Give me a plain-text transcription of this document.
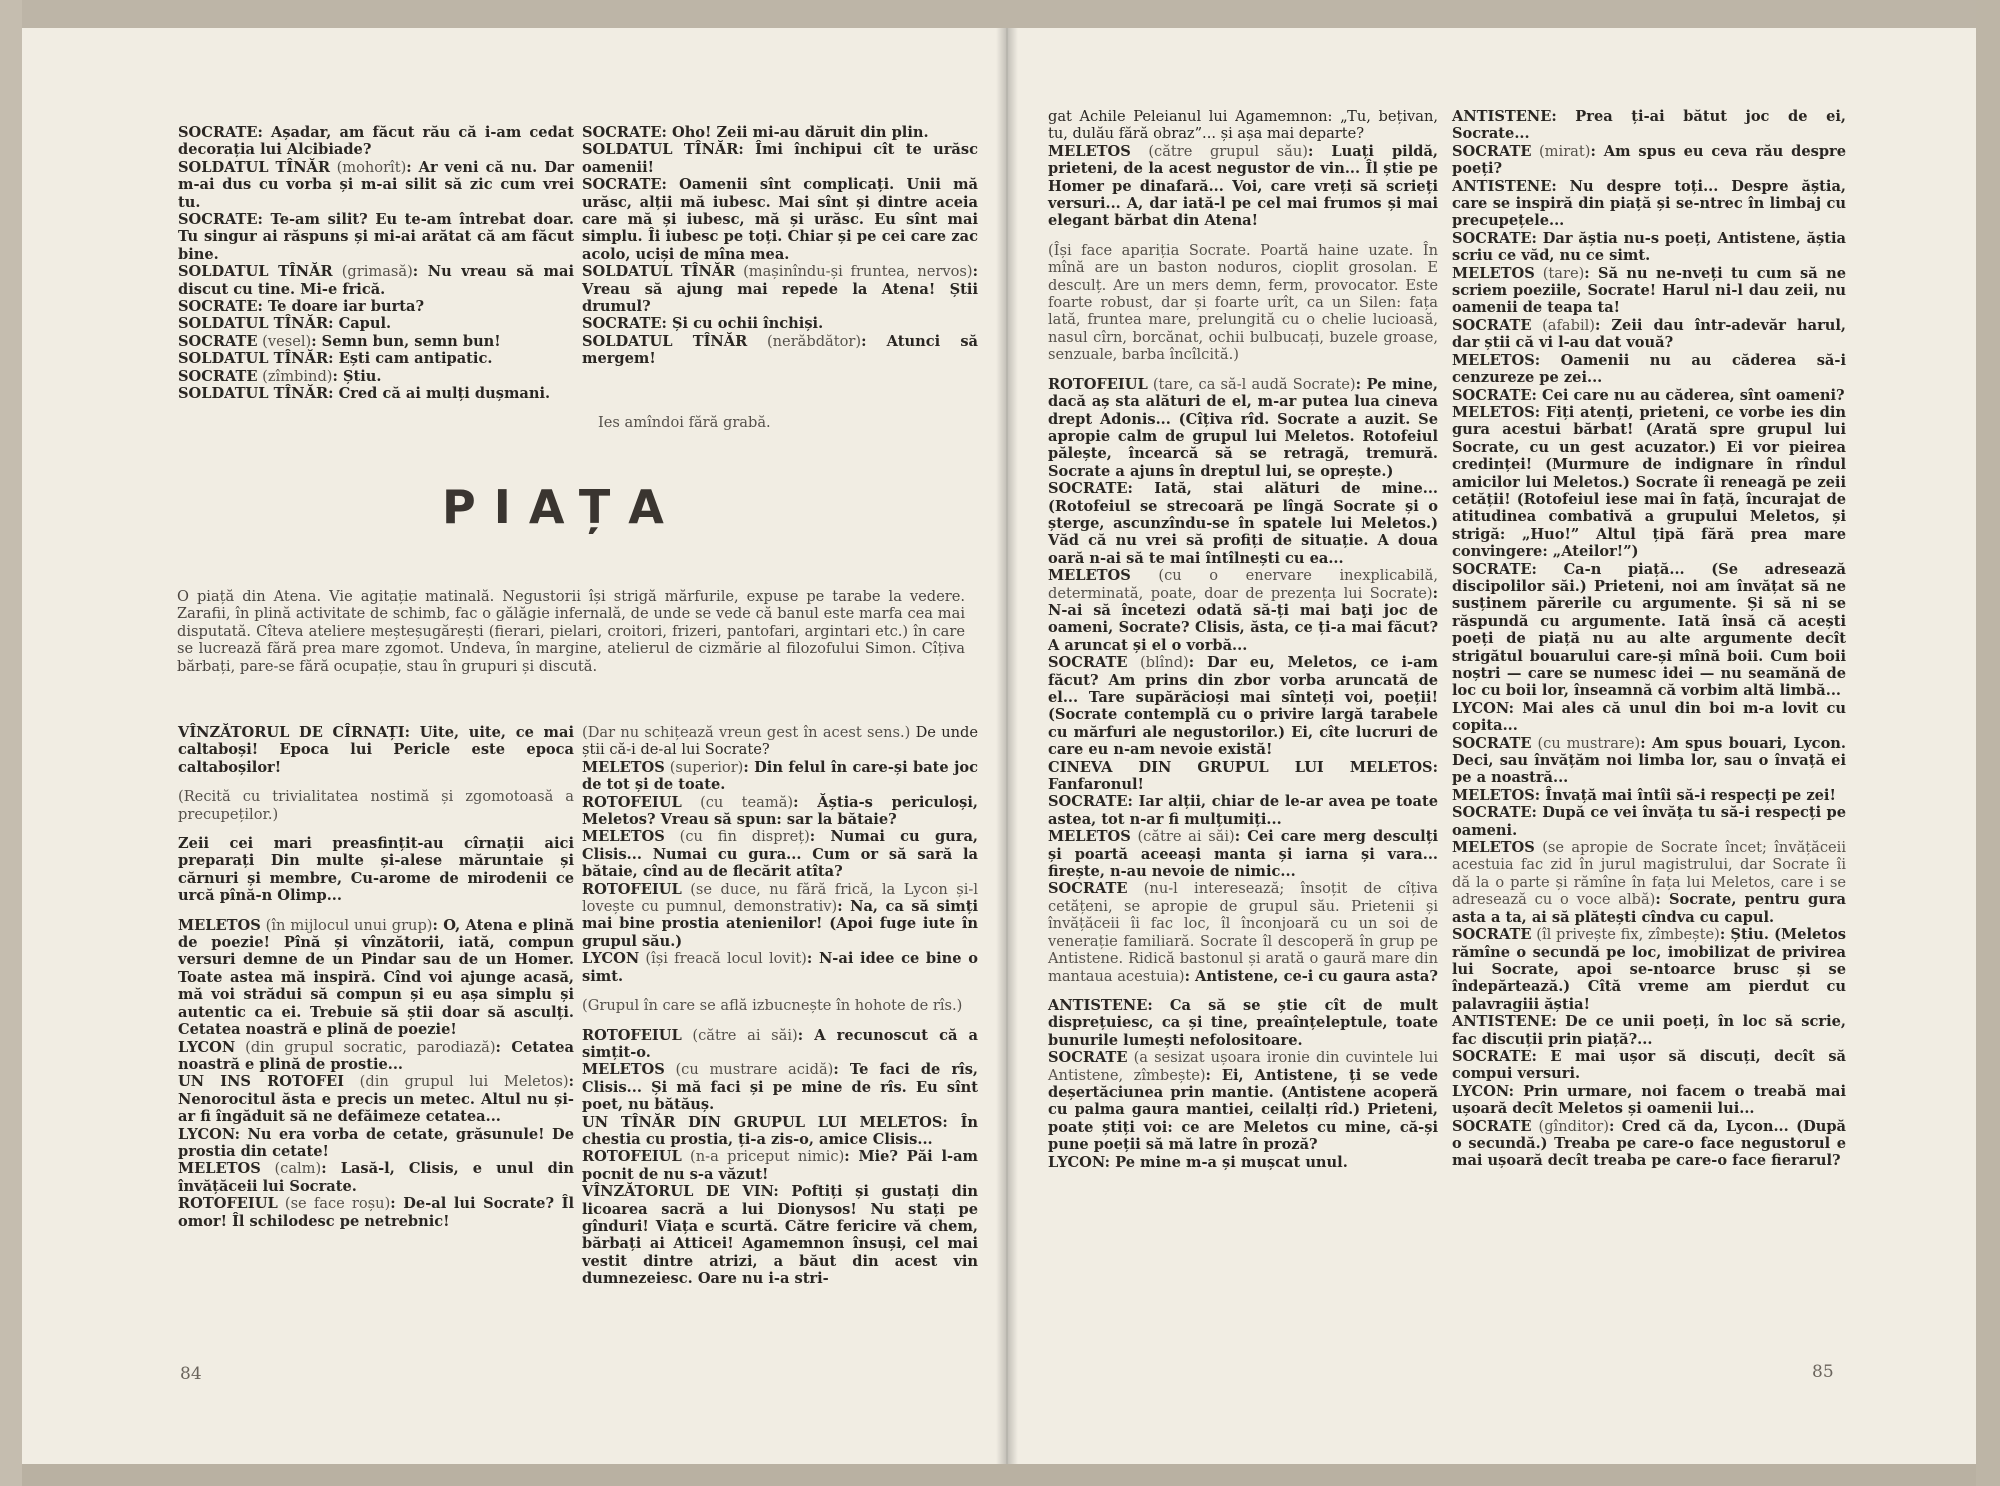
SOCRATE: Așadar, am făcut rău că i-am cedat decorația lui Alcibiade?

SOLDATUL TÎNĂR (mohorît): Ar veni că nu. Dar m-ai dus cu vorba și m-ai silit să zic cum vrei tu.

SOCRATE: Te-am silit? Eu te-am întrebat doar. Tu singur ai răspuns și mi-ai arătat că am făcut bine.

SOLDATUL TÎNĂR (grimasă): Nu vreau să mai discut cu tine. Mi-e frică.

SOCRATE: Te doare iar burta?

SOLDATUL TÎNĂR: Capul.

SOCRATE (vesel): Semn bun, semn bun!

SOLDATUL TÎNĂR: Ești cam antipatic.

SOCRATE (zîmbind): Știu.

SOLDATUL TÎNĂR: Cred că ai mulți dușmani.

SOCRATE: Oho! Zeii mi-au dăruit din plin.

SOLDATUL TÎNĂR: Îmi închipui cît te urăsc oamenii!

SOCRATE: Oamenii sînt complicați. Unii mă urăsc, alții mă iubesc. Mai sînt și dintre aceia care mă și iubesc, mă și urăsc. Eu sînt mai simplu. Îi iubesc pe toți. Chiar și pe cei care zac acolo, uciși de mîna mea.

SOLDATUL TÎNĂR (mașinîndu-și fruntea, nervos): Vreau să ajung mai repede la Atena! Știi drumul?

SOCRATE: Și cu ochii închiși.

SOLDATUL TÎNĂR (nerăbdător): Atunci să mergem!

Ies amîndoi fără grabă.

PIAȚA
O piață din Atena. Vie agitație matinală. Negustorii își strigă mărfurile, expuse pe tarabe la vedere. Zarafii, în plină activitate de schimb, fac o gălăgie infernală, de unde se vede că banul este marfa cea mai disputată. Cîteva ateliere meșteșugărești (fierari, pielari, croitori, frizeri, pantofari, argintari etc.) în care se lucrează fără prea mare zgomot. Undeva, în margine, atelierul de cizmărie al filozofului Simon. Cîțiva bărbați, pare-se fără ocupație, stau în grupuri și discută.

VÎNZĂTORUL DE CÎRNAȚI: Uite, uite, ce mai caltaboși! Epoca lui Pericle este epoca caltaboșilor!

(Recită cu trivialitatea nostimă și zgomotoasă a precupeților.)

Zeii cei mari preasfințit-au cîrnații aici preparați Din multe și-alese măruntaie și cărnuri și membre, Cu-arome de mirodenii ce urcă pînă-n Olimp...

MELETOS (în mijlocul unui grup): O, Atena e plină de poezie! Pînă și vînzătorii, iată, compun versuri demne de un Pindar sau de un Homer. Toate astea mă inspiră. Cînd voi ajunge acasă, mă voi strădui să compun și eu așa simplu și autentic ca ei. Trebuie să știi doar să asculți. Cetatea noastră e plină de poezie!

LYCON (din grupul socratic, parodiază): Cetatea noastră e plină de prostie...

UN INS ROTOFEI (din grupul lui Meletos): Nenorocitul ăsta e precis un metec. Altul nu și-ar fi îngăduit să ne defăimeze cetatea...

LYCON: Nu era vorba de cetate, grăsunule! De prostia din cetate!

MELETOS (calm): Lasă-l, Clisis, e unul din învățăceii lui Socrate.

ROTOFEIUL (se face roșu): De-al lui Socrate? Îl omor! Îl schilodesc pe netrebnic!

(Dar nu schițează vreun gest în acest sens.) De unde știi că-i de-al lui Socrate?

MELETOS (superior): Din felul în care-și bate joc de tot și de toate.

ROTOFEIUL (cu teamă): Ăștia-s periculoși, Meletos? Vreau să spun: sar la bătaie?

MELETOS (cu fin dispreț): Numai cu gura, Clisis... Numai cu gura... Cum or să sară la bătaie, cînd au de flecărit atîta?

ROTOFEIUL (se duce, nu fără frică, la Lycon și-l lovește cu pumnul, demonstrativ): Na, ca să simți mai bine prostia atenienilor! (Apoi fuge iute în grupul său.)

LYCON (își freacă locul lovit): N-ai idee ce bine o simt.

(Grupul în care se află izbucnește în hohote de rîs.)

ROTOFEIUL (către ai săi): A recunoscut că a simțit-o.

MELETOS (cu mustrare acidă): Te faci de rîs, Clisis... Și mă faci și pe mine de rîs. Eu sînt poet, nu bătăuș.

UN TÎNĂR DIN GRUPUL LUI MELETOS: În chestia cu prostia, ți-a zis-o, amice Clisis...

ROTOFEIUL (n-a priceput nimic): Mie? Păi l-am pocnit de nu s-a văzut!

VÎNZĂTORUL DE VIN: Poftiți și gustați din licoarea sacră a lui Dionysos! Nu stați pe gînduri! Viața e scurtă. Către fericire vă chem, bărbați ai Atticei! Agamemnon însuși, cel mai vestit dintre atrizi, a băut din acest vin dumnezeiesc. Oare nu i-a stri-

84

gat Achile Peleianul lui Agamemnon: „Tu, bețivan, tu, dulău fără obraz”... și așa mai departe?

MELETOS (către grupul său): Luați pildă, prieteni, de la acest negustor de vin... Îl știe pe Homer pe dinafară... Voi, care vreți să scrieți versuri... A, dar iată-l pe cel mai frumos și mai elegant bărbat din Atena!

(Își face apariția Socrate. Poartă haine uzate. În mînă are un baston noduros, cioplit grosolan. E desculț. Are un mers demn, ferm, provocator. Este foarte robust, dar și foarte urît, ca un Silen: fața lată, fruntea mare, prelungită cu o chelie lucioasă, nasul cîrn, borcănat, ochii bulbucați, buzele groase, senzuale, barba încîlcită.)

ROTOFEIUL (tare, ca să-l audă Socrate): Pe mine, dacă aș sta alături de el, m-ar putea lua cineva drept Adonis... (Cîțiva rîd. Socrate a auzit. Se apropie calm de grupul lui Meletos. Rotofeiul pălește, încearcă să se retragă, tremură. Socrate a ajuns în dreptul lui, se oprește.)

SOCRATE: Iată, stai alături de mine... (Rotofeiul se strecoară pe lîngă Socrate și o șterge, ascunzîndu-se în spatele lui Meletos.) Văd că nu vrei să profiți de situație. A doua oară n-ai să te mai întîlnești cu ea...

MELETOS (cu o enervare inexplicabilă, determinată, poate, doar de prezența lui Socrate): N-ai să încetezi odată să-ți mai baţi joc de oameni, Socrate? Clisis, ăsta, ce ți-a mai făcut? A aruncat și el o vorbă...

SOCRATE (blînd): Dar eu, Meletos, ce i-am făcut? Am prins din zbor vorba aruncată de el... Tare supărăcioși mai sînteți voi, poeții! (Socrate contemplă cu o privire largă tarabele cu mărfuri ale negustorilor.) Ei, cîte lucruri de care eu n-am nevoie există!

CINEVA DIN GRUPUL LUI MELETOS: Fanfaronul!

SOCRATE: Iar alții, chiar de le-ar avea pe toate astea, tot n-ar fi mulțumiți...

MELETOS (către ai săi): Cei care merg desculți și poartă aceeași manta și iarna și vara... firește, n-au nevoie de nimic...

SOCRATE (nu-l interesează; însoțit de cîțiva cetățeni, se apropie de grupul său. Prietenii și învățăceii îi fac loc, îl înconjoară cu un soi de venerație familiară. Socrate îl descoperă în grup pe Antistene. Ridică bastonul și arată o gaură mare din mantaua acestuia): Antistene, ce-i cu gaura asta?

ANTISTENE: Ca să se știe cît de mult disprețuiesc, ca și tine, preaînțeleptule, toate bunurile lumești nefolositoare.

SOCRATE (a sesizat ușoara ironie din cuvintele lui Antistene, zîmbește): Ei, Antistene, ți se vede deșertăciunea prin mantie. (Antistene acoperă cu palma gaura mantiei, ceilalți rîd.) Prieteni, poate știți voi: ce are Meletos cu mine, că-și pune poeții să mă latre în proză?

LYCON: Pe mine m-a și mușcat unul.

ANTISTENE: Prea ți-ai bătut joc de ei, Socrate...

SOCRATE (mirat): Am spus eu ceva rău despre poeți?

ANTISTENE: Nu despre toți... Despre ăștia, care se inspiră din piață și se-ntrec în limbaj cu precupețele...

SOCRATE: Dar ăștia nu-s poeți, Antistene, ăștia scriu ce văd, nu ce simt.

MELETOS (tare): Să nu ne-nveți tu cum să ne scriem poeziile, Socrate! Harul ni-l dau zeii, nu oamenii de teapa ta!

SOCRATE (afabil): Zeii dau într-adevăr harul, dar știi că vi l-au dat vouă?

MELETOS: Oamenii nu au căderea să-i cenzureze pe zei...

SOCRATE: Cei care nu au căderea, sînt oameni?

MELETOS: Fiți atenți, prieteni, ce vorbe ies din gura acestui bărbat! (Arată spre grupul lui Socrate, cu un gest acuzator.) Ei vor pieirea credinței! (Murmure de indignare în rîndul amicilor lui Meletos.) Socrate îi reneagă pe zeii cetății! (Rotofeiul iese mai în față, încurajat de atitudinea combativă a grupului Meletos, și strigă: „Huo!” Altul țipă fără prea mare convingere: „Ateilor!”)

SOCRATE: Ca-n piață... (Se adresează discipolilor săi.) Prieteni, noi am învățat să ne susținem părerile cu argumente. Și să ni se răspundă cu argumente. Iată însă că acești poeți de piață nu au alte argumente decît strigătul bouarului care-și mînă boii. Cum boii noștri — care se numesc idei — nu seamănă de loc cu boii lor, înseamnă că vorbim altă limbă...

LYCON: Mai ales că unul din boi m-a lovit cu copita...

SOCRATE (cu mustrare): Am spus bouari, Lycon. Deci, sau învățăm noi limba lor, sau o învață ei pe a noastră...

MELETOS: Învață mai întîi să-i respecți pe zei!

SOCRATE: După ce vei învăța tu să-i respecți pe oameni.

MELETOS (se apropie de Socrate încet; învățăceii acestuia fac zid în jurul magistrului, dar Socrate îi dă la o parte și rămîne în fața lui Meletos, care i se adresează cu o voce albă): Socrate, pentru gura asta a ta, ai să plătești cîndva cu capul.

SOCRATE (îl privește fix, zîmbește): Știu. (Meletos rămîne o secundă pe loc, imobilizat de privirea lui Socrate, apoi se-ntoarce brusc și se îndepărtează.) Cîtă vreme am pierdut cu palavragiii ăștia!

ANTISTENE: De ce unii poeți, în loc să scrie, fac discuții prin piață?...

SOCRATE: E mai ușor să discuți, decît să compui versuri.

LYCON: Prin urmare, noi facem o treabă mai ușoară decît Meletos și oamenii lui...

SOCRATE (gînditor): Cred că da, Lycon... (După o secundă.) Treaba pe care-o face negustorul e mai ușoară decît treaba pe care-o face fierarul?

85
